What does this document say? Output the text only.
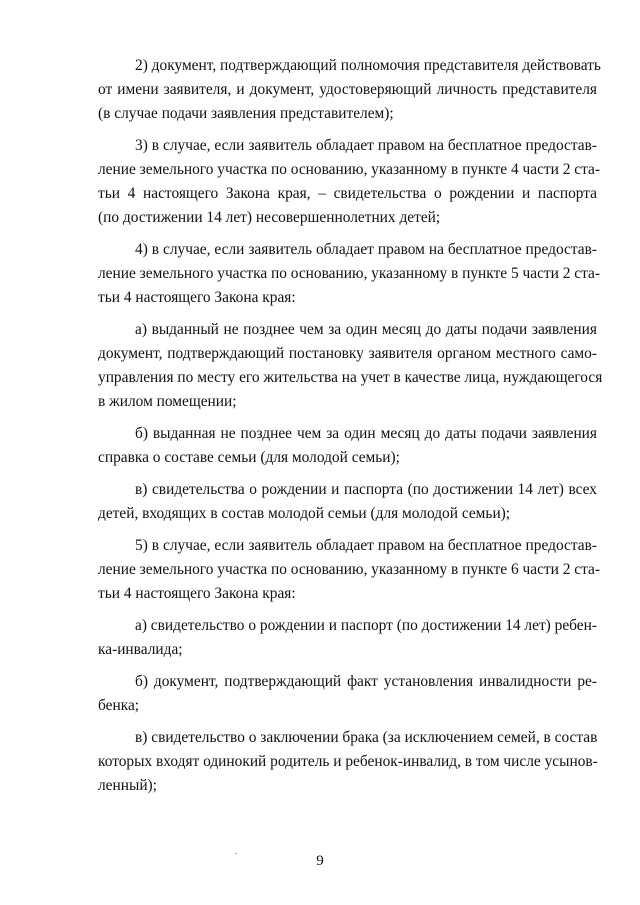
2) документ, подтверждающий полномочия представителя действовать
от имени заявителя, и документ, удостоверяющий личность представителя
(в случае подачи заявления представителем);
3) в случае, если заявитель обладает правом на бесплатное предостав-
ление земельного участка по основанию, указанному в пункте 4 части 2 ста-
тьи 4 настоящего Закона края, – свидетельства о рождении и паспорта
(по достижении 14 лет) несовершеннолетних детей;
4) в случае, если заявитель обладает правом на бесплатное предостав-
ление земельного участка по основанию, указанному в пункте 5 части 2 ста-
тьи 4 настоящего Закона края:
а) выданный не позднее чем за один месяц до даты подачи заявления
документ, подтверждающий постановку заявителя органом местного само-
управления по месту его жительства на учет в качестве лица, нуждающегося
в жилом помещении;
б) выданная не позднее чем за один месяц до даты подачи заявления
справка о составе семьи (для молодой семьи);
в) свидетельства о рождении и паспорта (по достижении 14 лет) всех
детей, входящих в состав молодой семьи (для молодой семьи);
5) в случае, если заявитель обладает правом на бесплатное предостав-
ление земельного участка по основанию, указанному в пункте 6 части 2 ста-
тьи 4 настоящего Закона края:
а) свидетельство о рождении и паспорт (по достижении 14 лет) ребен-
ка-инвалида;
б) документ, подтверждающий факт установления инвалидности ре-
бенка;
в) свидетельство о заключении брака (за исключением семей, в состав
которых входят одинокий родитель и ребенок-инвалид, в том числе усынов-
ленный);
9
